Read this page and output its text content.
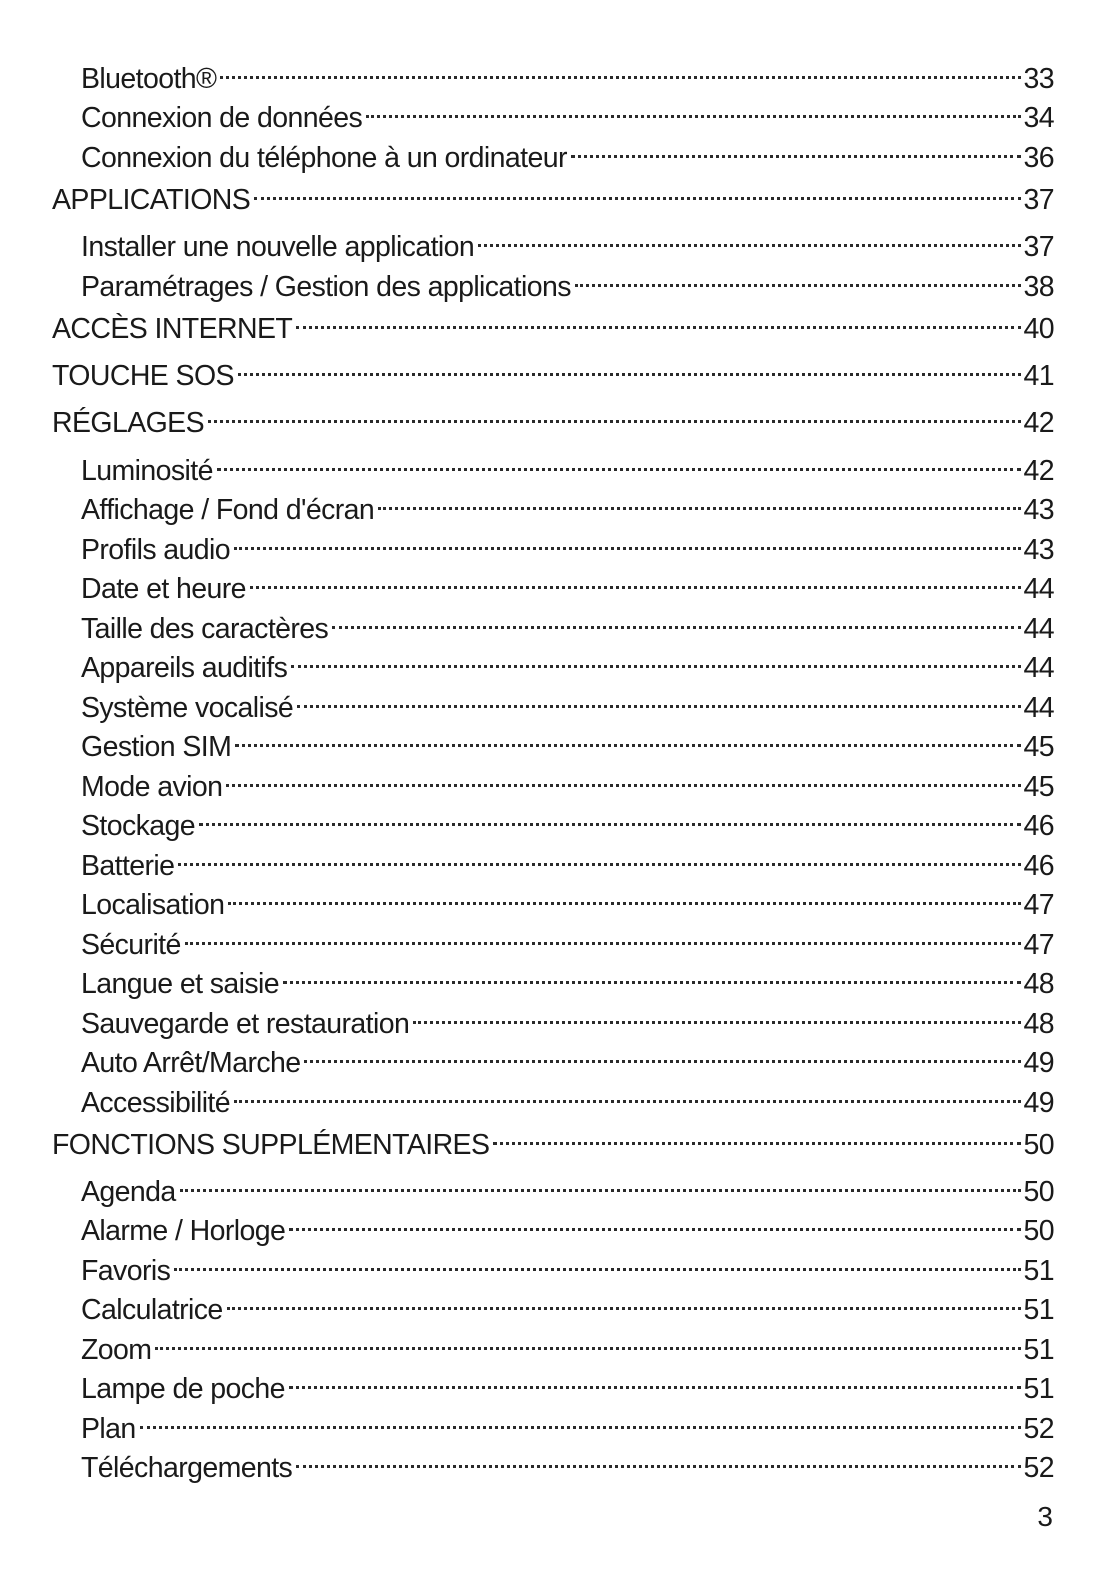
Bluetooth®	33
Connexion de données	34
Connexion du téléphone à un ordinateur	36
APPLICATIONS	37
Installer une nouvelle application	37
Paramétrages / Gestion des applications	38
ACCÈS INTERNET	40
TOUCHE SOS	41
RÉGLAGES	42
Luminosité	42
Affichage / Fond d'écran	43
Profils audio	43
Date et heure	44
Taille des caractères	44
Appareils auditifs	44
Système vocalisé	44
Gestion SIM	45
Mode avion	45
Stockage	46
Batterie	46
Localisation	47
Sécurité	47
Langue et saisie	48
Sauvegarde et restauration	48
Auto Arrêt/Marche	49
Accessibilité	49
FONCTIONS SUPPLÉMENTAIRES	50
Agenda	50
Alarme / Horloge	50
Favoris	51
Calculatrice	51
Zoom	51
Lampe de poche	51
Plan	52
Téléchargements	52
3
